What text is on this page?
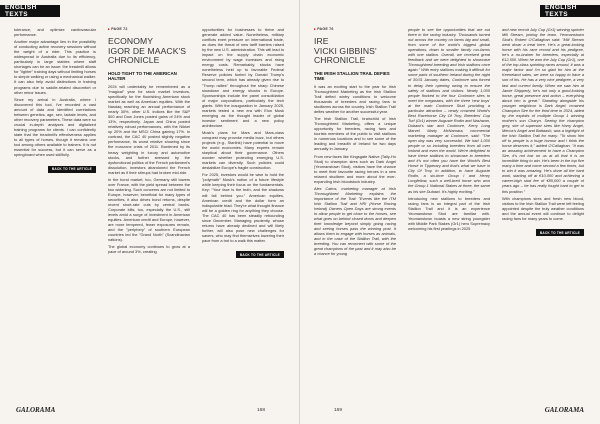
ENGLISH TEXTS

tolerance, and optimize cardiovascular performance.

Another major advantage lies in the possibility of conducting active recovery sessions without the weight of a rider. This practice is widespread in Australia due to its efficiency, particularly in large stables where staff shortages can be an issue: the treadmill allows for "lighter" training days without limiting horses to simple walking or using a mechanical walker. It can also help avoid distinctions in training programs due to saddle-related discomfort or other minor issues.

Since my arrival in Australia, where I discovered this tool, I've recorded a vast amount of data and identified correlations between genetics, age, sex, lactate levels, and other recovery parameters. These data were so crucial in-depth analyses and digitalized training programs for clients. I can confidently state that the treadmill's effectiveness applies to all types of horses, though it remains one tool among others available to trainers. It is not essential for success, but it can serve as a springboard when used skillfully.

BACK TO THE ARTICLE
▸ PAGE 72
ECONOMY
IGOR DE MAACK'S CHRONICLE
HOLD TIGHT TO THE AMERICAN HALTER

2024 will undeniably be remembered as a "magical" year for stock market investors, specifically for the flourishing American stock market as well as American equities. With the Nasdaq reaching an annual performance of nearly 30%, other U.S. indices like the S&P 500 and Dow Jones posted gains of 24% and 13%, respectively. Japan and China posted relatively robust performances, with the Nikkei up 20% and the MSCI China gaining 17%. In contrast, the CAC 40 posted slightly negative performance, its worst relative showing since the eurozone crisis of 2011. Burdened by its heavy weighting in luxury and automotive stocks, and further stressed by the dysfunctional politics of the French parliament's dissolution, investors abandoned the French market as if their stirrups had broken mid-ride.

In the bond market, too, Germany still towers over France, with the yield spread between the two widening. Such concerns are not limited to Europe, however; beneficial for many types of securities, it also drives bond returns, despite recent short-rate cuts by central banks. Corporate bills, too, especially the U.S., still levels amid a surge of investment in American equities. American credit and Europe, however, are more tempered, fewer exposures remain, and the "periphery" of southern European countries led the "Grand North" (Scandinavian nations).

The global economy continues to grow at a pace of around 3%, creating

opportunities for businesses to thrive and generate added value. Nonetheless, military conflicts exert pressure on international trade, as does the threat of new tariff barriers raised by the new U.S. administration. This will lead to impact on the supply chain economic environment by wage increases and rising energy costs. Remarkably, stocks have nonetheless held up to favorable Federal Reserve policies fueled by Donald Trump's second term, which has already given rise to "Trump rallies" throughout the sharp Chinese slowdown and energy shocks in Europe. Sponsorships include the panel consolidation of major corporations, particularly the tech giants. With the inauguration in January 2025, markets tested a new era with Elon Musk emerging as the thought leader of global investor sentiment and a new policy architecture.

Musk's plans for Mars and Mars-class conquest may provoke media buzz, but others projects (e.g., Starlink) have potential to move the world economies. Many experts remain skeptical about their governance. Others wonder whether protecting emerging U.S. markets can diversify. Such policies could destabilize Europe's fragile construction.

For 2025, investors would be wise to hold the "polymath" Musk's notion of a future lifestyle while keeping their focus on the fundamentals. Key: "Your face is the truth, and the shadows will fall behind you." American equities, American credit and the dollar form an indisputable triad. They're what thought finance will be a golden ring for anything they choose. The CAC 40 has been steadily rebounding since December. Managing prudently, whose returns have already declined and will likely further, will also pose new challenges for savers, who may find themselves lowering their pace from a trot to a walk this matter.

BACK TO THE ARTICLE
GALORAMA	168
ENGLISH TEXTS
▸ PAGE 76
IRE
VICKI GIBBINS' CHRONICLE
THE IRISH STALLION TRAIL DEFIES TIME

It was an exciting start to the year for Irish Thoroughbred Marketing as the Irish Stallion Trail defied wintry conditions to welcome thousands of breeders and racing fans to studfarms across the country. Irish Stallion Trail defies weather for another successful year.

The Irish Stallion Trail, brainchild of Irish Thoroughbred Marketing, offers a unique opportunity for breeders, racing fans and tourists members of the public to visit stallions in numerous locations and to see some of the leading and breadth of Ireland for two days annually in January.

From new faces like Kingsgate Native (Tally-Ho Stud) to champion sires such as Dark Angel (Yeomanstown Stud), visitors have the chance to meet their favourite racing heroes in a new relaxed studfarm and more about the ever-expanding Irish bloodstock industry.

Alex Caims, marketing manager at Irish Thoroughbred Marketing explains the importance of the Trail: "Events like the ITM Irish Stallion Trail and HRI (Horse Racing Ireland) Owners Open Days are strong events to allow people to get close to the horses, see what goes on behind closed doors and deepen their knowledge beyond simply going racing and seeing horses pass the winning post. It allows them to engage with horses as animals, and in the case of the Stallion Trail, with the breeding. You can reconnect with some of the great champions of the past and it may also be a chance for young

people to see the opportunities that are out there in the racing industry. Thousands turned out across the country on farms big and small, from some of the world's biggest global operations, down to smaller family run-farms with one stallion. Overall, we received great feedback and we were delighted to showcase Thoroughbred breeding and Irish stallions once again." With entry stallions making it difficult for some parts of southern Ireland during the night of 30/31 January dates, Coolmore was forced to delay their opening owing to ensure the safety of stallions and visitors. Nearly 1,000 people flocked to the four Coolmore sites to meet the megastars, with the three 'new boys' at the main Coolmore Stud providing a particular attraction – newly crowned World's Best Racehorse City Of Troy, Breeders' Cup Turf (Gr1) winner Auguste Rodin and Nashwan, Dubawi's star and Coolmore, Kerry Long Marvel. Marty McNamara, commercial marketing manager at Coolmore, said: "The open day was very successful. We had 1,000 people or so including breeders from all over Ireland and even the world. We're delighted to have these stallions to showcase to breeders and it's not often you have the World's Best Horse in Tipperary and that's what we have in City Of Troy. In addition, to have Auguste Rodin, a six-time Group I and Henry Longfellow, such a well-bred horse who won the Group 1 National Stakes at three, the same as his sire Dubawi. It's highly exciting."

Introducing new stallions to breeders and racing fans is an integral part of the Irish Stallion Trail and it is an experience Yeomanstown Stud are familiar with. Yeomanstown boasts a new string youngster with Middle Park Stakes (Gr1) hero Supremacy welcoming his first yearlings in 2025

and new recruit July Cup (Gr1) winning sprinter Mill Stream, joining the team. Yeomanstown Stud's Robert O'Callaghan said: "Mill Stream went down a treat here. He's a great-looking horse with his race record and his pedigree, he's a no-brainer for breeders, especially at €12,500. When he won the July Cup (Gr1), one of the top-class sprinting races around, it was a major factor and I'm so glad for him at the Keeneland sales, we were so happy to have a son of his. He has a very nice pedigree, a very fast and current family. When we saw him at Jamie Shipperly, he's not only a good-looking horse, great presence and action – everything about him is great." Standing alongside his younger neighbour is Dark Angel, crowned Champion Sire for the third time in 2024, aided by the exploits of multiple Group 1 winning mother's son Charyn. Seeing the champion grey, sire of superstar sires like Harry Angel, Mecca's Angel and Battaash, was a highlight of the Irish Stallion Trail for many. "To show him off to people is a huge honour and I think the horse deserves it," added O'Callaghan. "It was an amazing achievement to have a Champion Sire, it's not lost on us at all that it is an incredible thing to win. He's been in the top five many a time and come second a few times, but to win it was amazing. He's done all the hard work, starting off at €10,000 and achieving a career-high stud fee of €85,000 a couple of years ago – he has really fought hard to get to this position."

With champions sires and fresh new blood, visitors to the Irish Stallion Trail were left feeling appointed despite the truly weather conditions and the annual event will continue to delight racing fans for many years to come.

BACK TO THE ARTICLE
169	GALORAMA
